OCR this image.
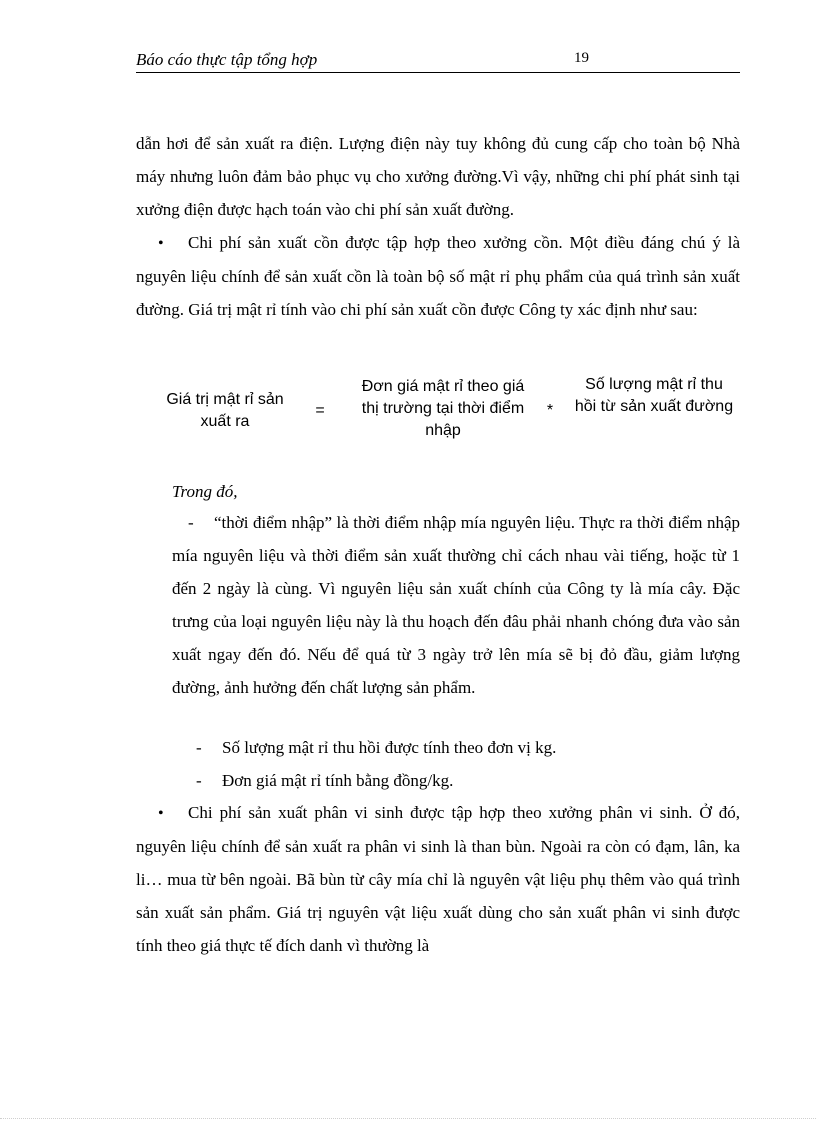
Báo cáo thực tập tổng hợp	19

dẫn hơi để sản xuất ra điện. Lượng điện này tuy không đủ cung cấp cho toàn bộ Nhà máy nhưng luôn đảm bảo phục vụ cho xưởng đường.Vì vậy, những chi phí phát sinh tại xưởng điện được hạch toán vào chi phí sản xuất đường.

• Chi phí sản xuất cồn được tập hợp theo xưởng cồn. Một điều đáng chú ý là nguyên liệu chính để sản xuất cồn là toàn bộ số mật rỉ phụ phẩm của quá trình sản xuất đường. Giá trị mật rỉ tính vào chi phí sản xuất cồn được Công ty xác định như sau:

Giá trị mật rỉ sản xuất ra
=
Đơn giá mật rỉ theo giá thị trường tại thời điểm nhập
*
Số lượng mật rỉ thu hồi từ sản xuất đường
Trong đó,

- “thời điểm nhập” là thời điểm nhập mía nguyên liệu. Thực ra thời điểm nhập mía nguyên liệu và thời điểm sản xuất thường chỉ cách nhau vài tiếng, hoặc từ 1 đến 2 ngày là cùng. Vì nguyên liệu sản xuất chính của Công ty là mía cây. Đặc trưng của loại nguyên liệu này là thu hoạch đến đâu phải nhanh chóng đưa vào sản xuất ngay đến đó. Nếu để quá từ 3 ngày trở lên mía sẽ bị đỏ đầu, giảm lượng đường, ảnh hưởng đến chất lượng sản phẩm.

- Số lượng mật rỉ thu hồi được tính theo đơn vị kg.
- Đơn giá mật rỉ tính bằng đồng/kg.

• Chi phí sản xuất phân vi sinh được tập hợp theo xưởng phân vi sinh. Ở đó, nguyên liệu chính để sản xuất ra phân vi sinh là than bùn. Ngoài ra còn có đạm, lân, ka li… mua từ bên ngoài. Bã bùn từ cây mía chỉ là nguyên vật liệu phụ thêm vào quá trình sản xuất sản phẩm. Giá trị nguyên vật liệu xuất dùng cho sản xuất phân vi sinh được tính theo giá thực tế đích danh vì thường là
